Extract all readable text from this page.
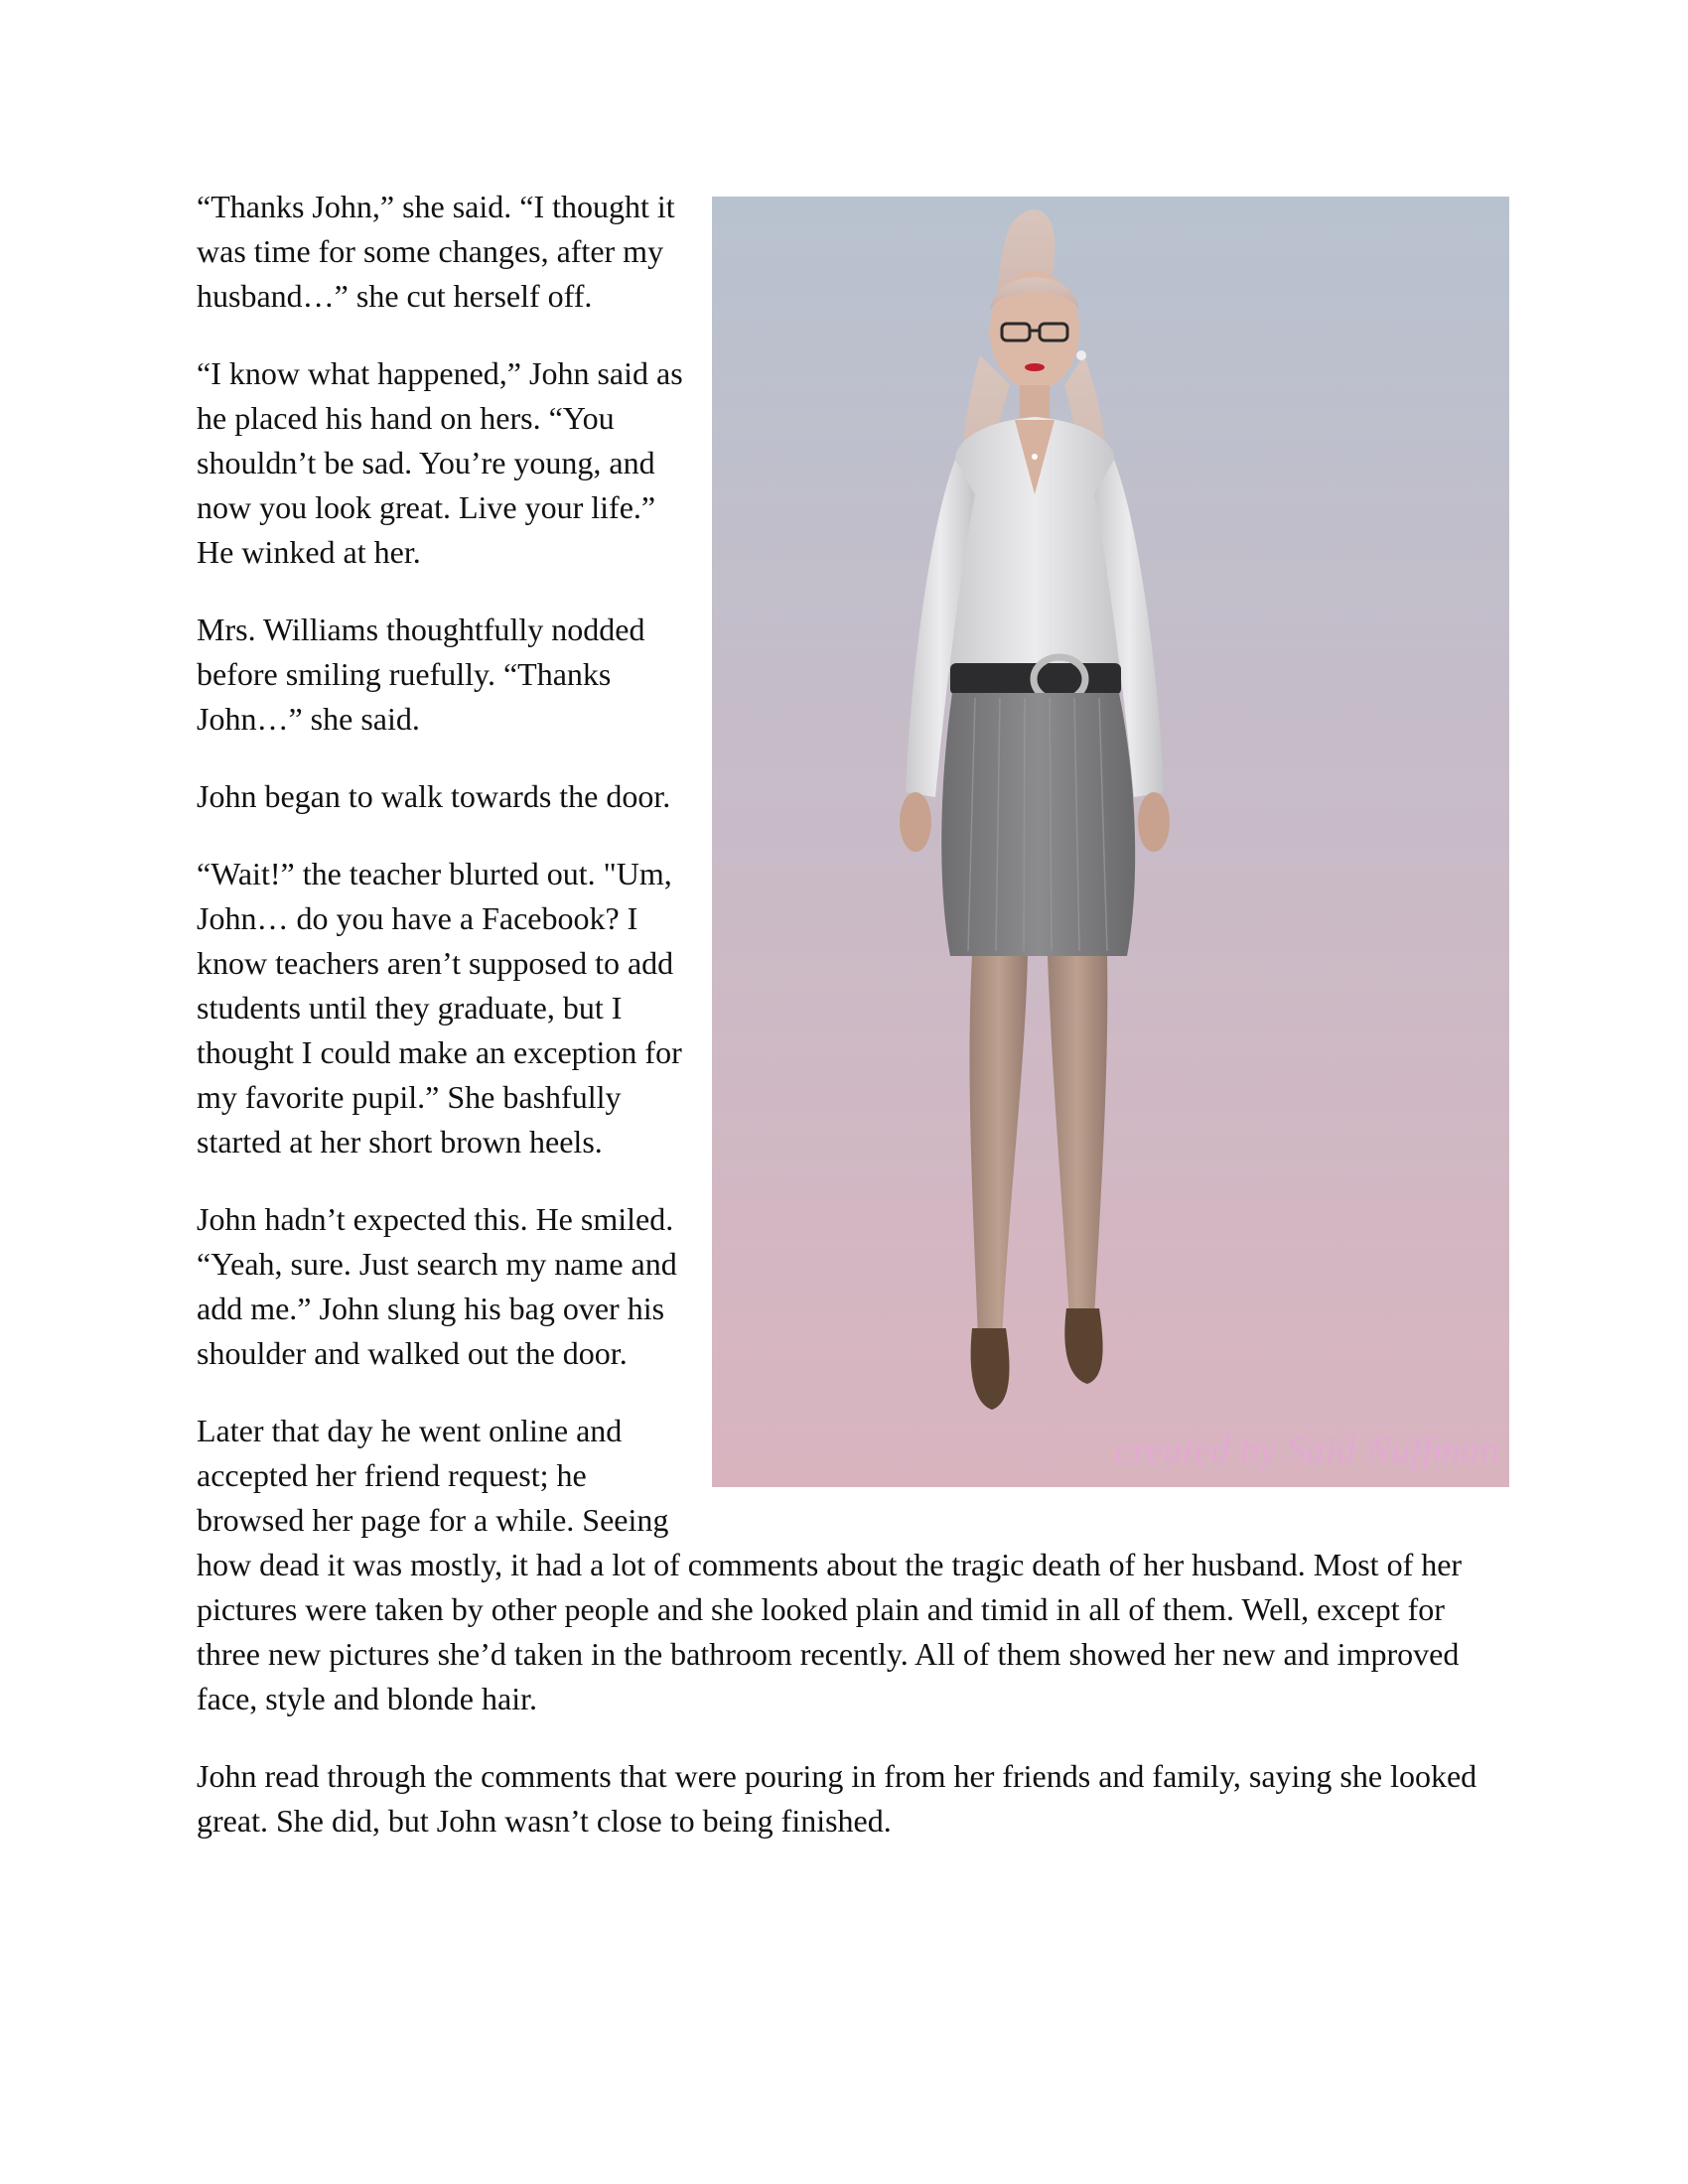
created by Said Nuffman

“Thanks John,” she said. “I thought it was time for some changes, after my husband…” she cut herself off.

“I know what happened,” John said as he placed his hand on hers. “You shouldn’t be sad. You’re young, and now you look great. Live your life.” He winked at her.

Mrs. Williams thoughtfully nodded before smiling ruefully. “Thanks John…” she said.

John began to walk towards the door.

“Wait!” the teacher blurted out. "Um, John… do you have a Facebook? I know teachers aren’t supposed to add students until they graduate, but I thought I could make an exception for my favorite pupil.” She bashfully started at her short brown heels.

John hadn’t expected this. He smiled. “Yeah, sure. Just search my name and add me.” John slung his bag over his shoulder and walked out the door.

Later that day he went online and accepted her friend request; he browsed her page for a while. Seeing how dead it was mostly, it had a lot of comments about the tragic death of her husband. Most of her pictures were taken by other people and she looked plain and timid in all of them. Well, except for three new pictures she’d taken in the bathroom recently. All of them showed her new and improved face, style and blonde hair.

John read through the comments that were pouring in from her friends and family, saying she looked great. She did, but John wasn’t close to being finished.
